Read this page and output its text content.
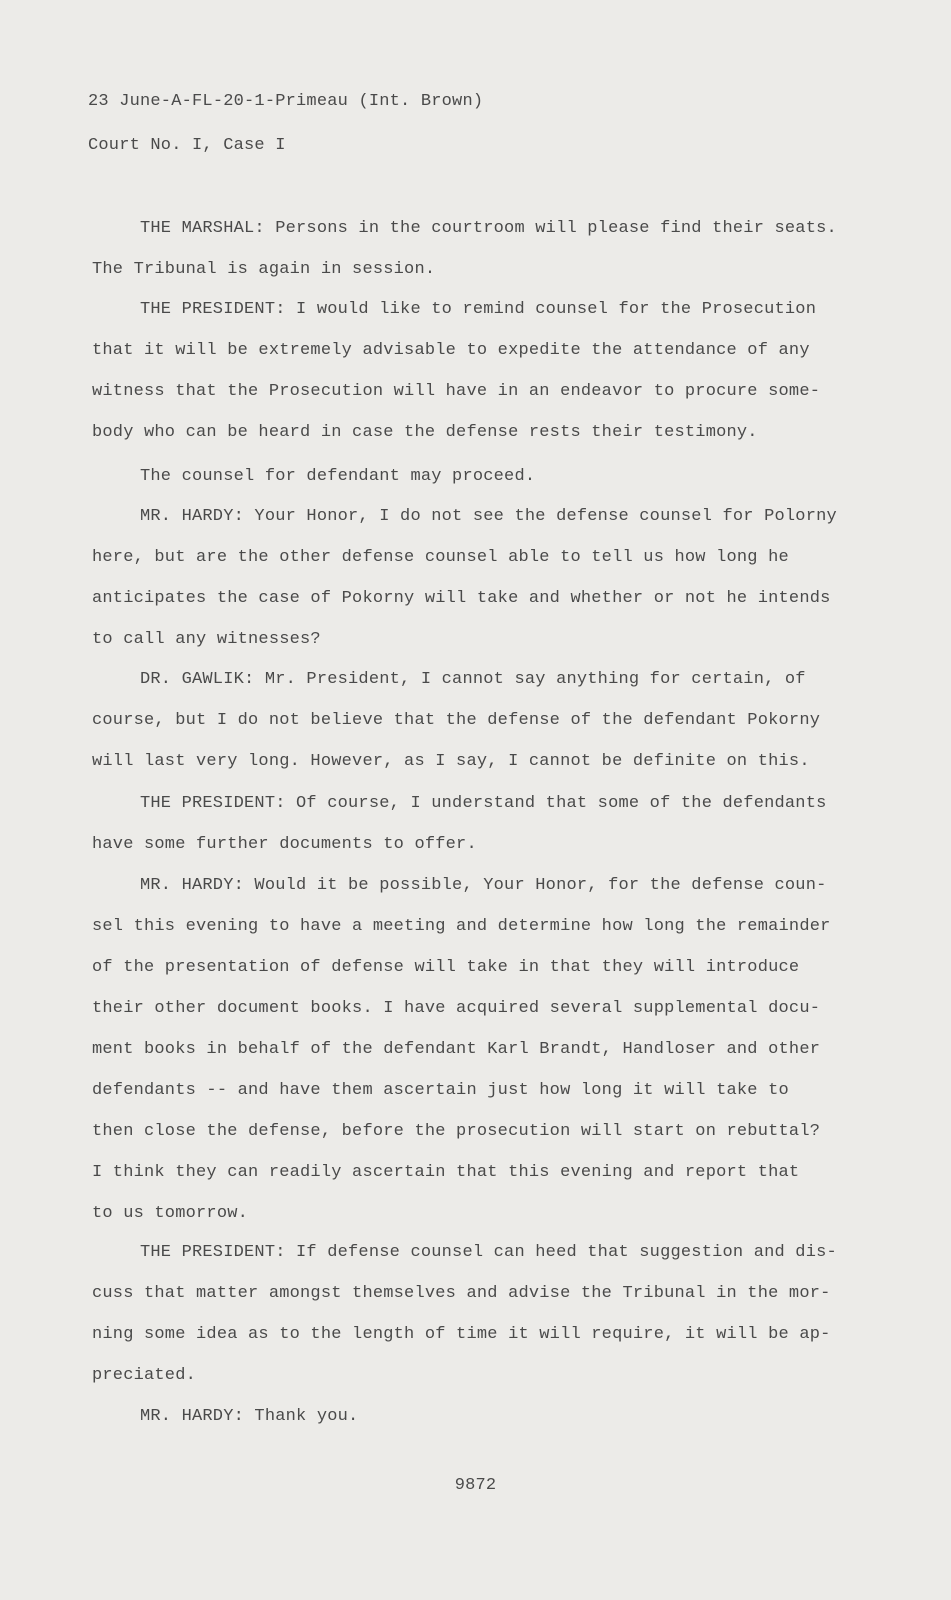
23 June-A-FL-20-1-Primeau (Int. Brown)
Court No. I, Case I
THE MARSHAL: Persons in the courtroom will please find their seats.
The Tribunal is again in session.
THE PRESIDENT: I would like to remind counsel for the Prosecution
that it will be extremely advisable to expedite the attendance of any
witness that the Prosecution will have in an endeavor to procure some-
body who can be heard in case the defense rests their testimony.
The counsel for defendant may proceed.
MR. HARDY: Your Honor, I do not see the defense counsel for Polorny
here, but are the other defense counsel able to tell us how long he
anticipates the case of Pokorny will take and whether or not he intends
to call any witnesses?
DR. GAWLIK: Mr. President, I cannot say anything for certain, of
course, but I do not believe that the defense of the defendant Pokorny
will last very long. However, as I say, I cannot be definite on this.
THE PRESIDENT: Of course, I understand that some of the defendants
have some further documents to offer.
MR. HARDY: Would it be possible, Your Honor, for the defense coun-
sel this evening to have a meeting and determine how long the remainder
of the presentation of defense will take in that they will introduce
their other document books. I have acquired several supplemental docu-
ment books in behalf of the defendant Karl Brandt, Handloser and other
defendants -- and have them ascertain just how long it will take to
then close the defense, before the prosecution will start on rebuttal?
I think they can readily ascertain that this evening and report that
to us tomorrow.
THE PRESIDENT: If defense counsel can heed that suggestion and dis-
cuss that matter amongst themselves and advise the Tribunal in the mor-
ning some idea as to the length of time it will require, it will be ap-
preciated.
MR. HARDY: Thank you.
9872
